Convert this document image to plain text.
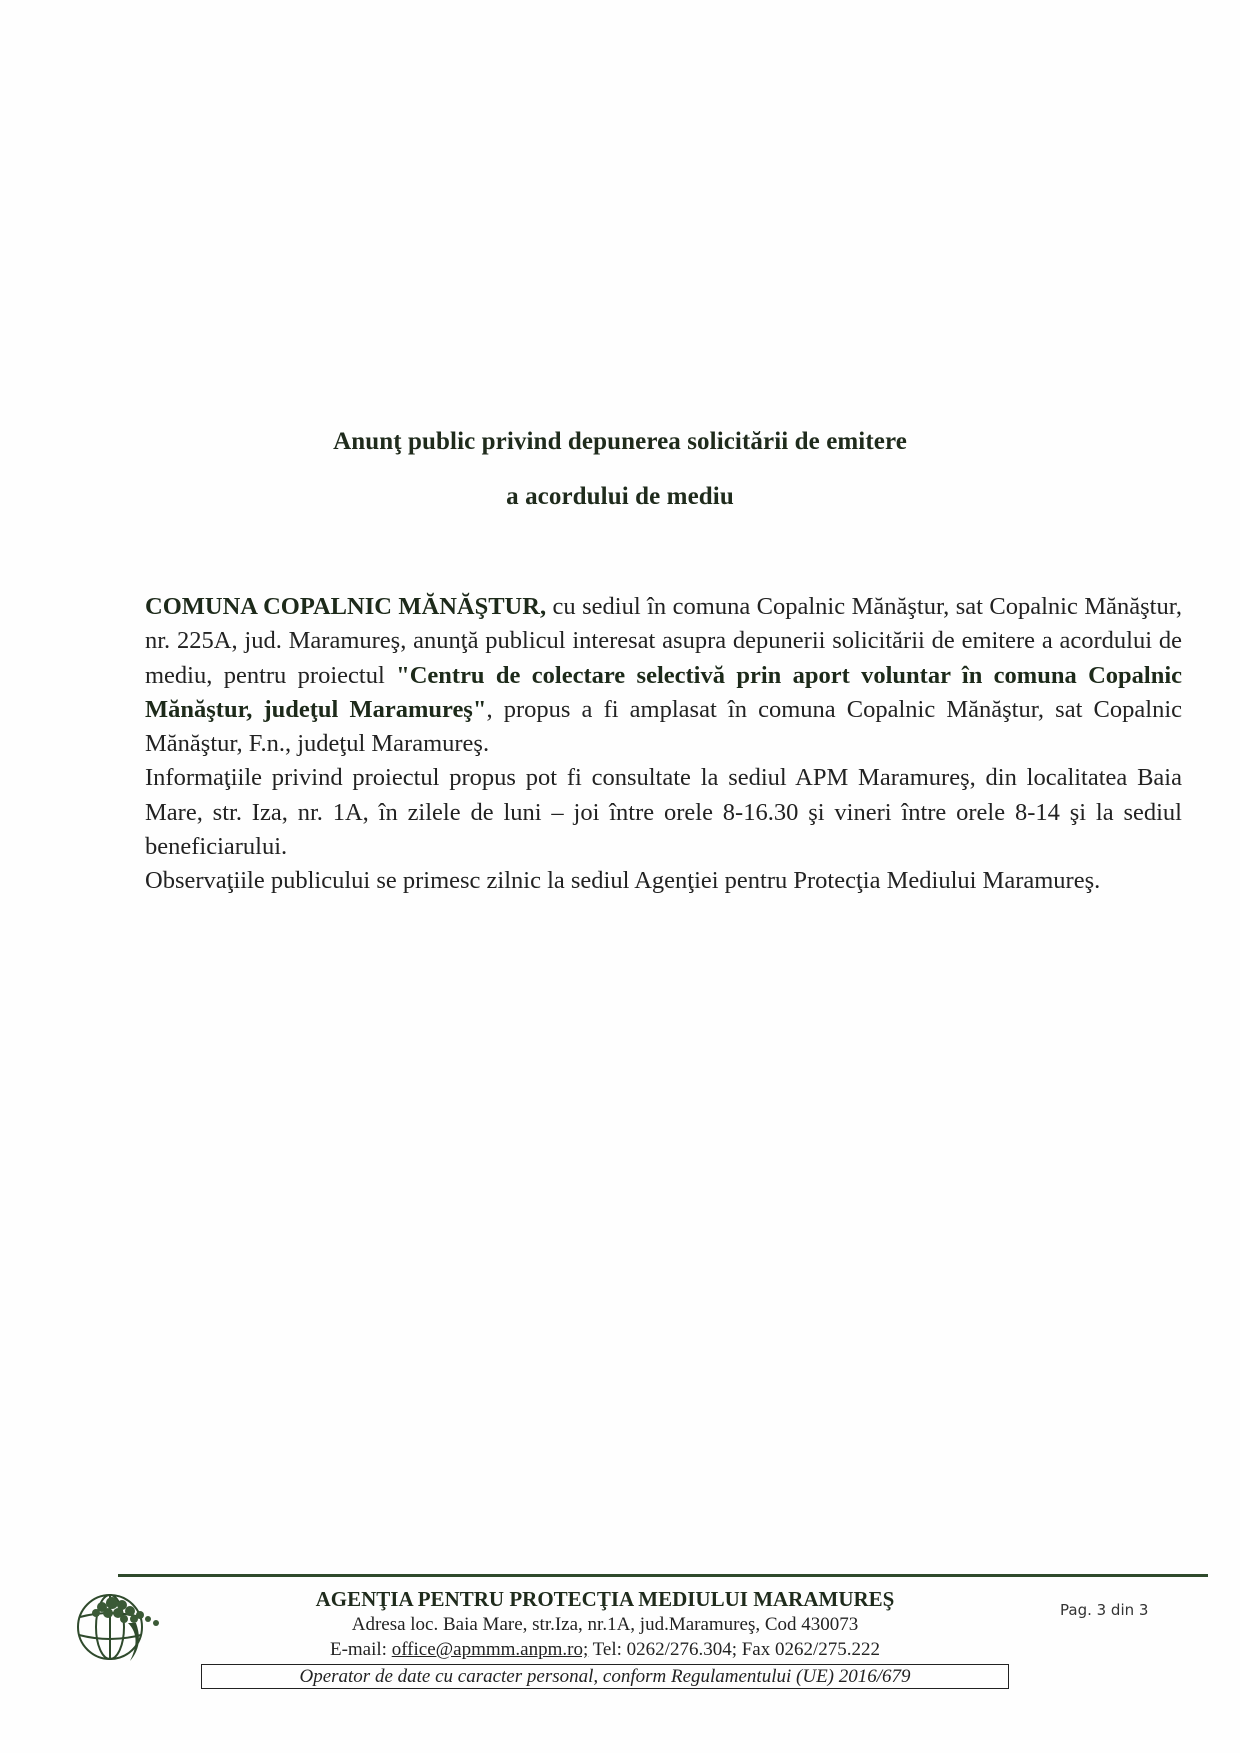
Anunţ public privind depunerea solicitării de emitere
a acordului de mediu

COMUNA COPALNIC MĂNĂŞTUR, cu sediul în comuna Copalnic Mănăştur, sat Copalnic Mănăştur, nr. 225A, jud. Maramureş, anunţă publicul interesat asupra depunerii solicitării de emitere a acordului de mediu, pentru proiectul "Centru de colectare selectivă prin aport voluntar în comuna Copalnic Mănăştur, judeţul Maramureş", propus a fi amplasat în comuna Copalnic Mănăştur, sat Copalnic Mănăştur, F.n., judeţul Maramureş.

Informaţiile privind proiectul propus pot fi consultate la sediul APM Maramureş, din localitatea Baia Mare, str. Iza, nr. 1A, în zilele de luni – joi între orele 8-16.30 şi vineri între orele 8-14 şi la sediul beneficiarului.

Observaţiile publicului se primesc zilnic la sediul Agenţiei pentru Protecţia Mediului Maramureş.

AGENŢIA PENTRU PROTECŢIA MEDIULUI MARAMUREŞ
Adresa loc. Baia Mare, str.Iza, nr.1A, jud.Maramureş, Cod 430073
E-mail: office@apmmm.anpm.ro; Tel: 0262/276.304; Fax 0262/275.222
Operator de date cu caracter personal, conform Regulamentului (UE) 2016/679
Pag. 3 din 3
